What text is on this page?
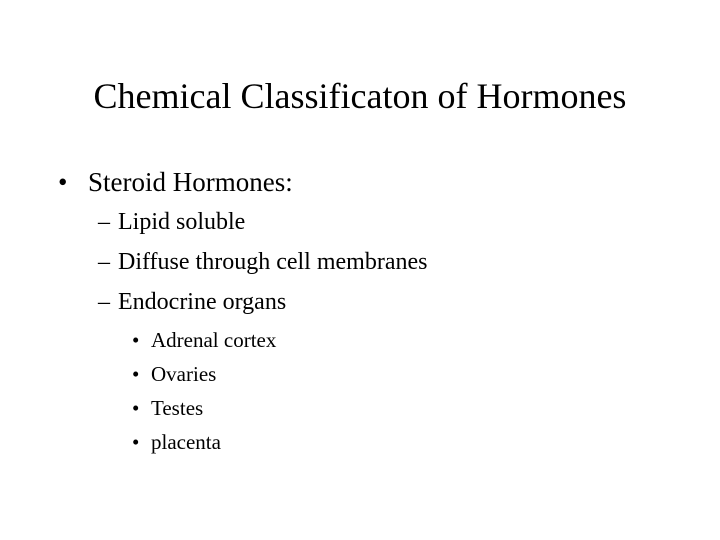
Chemical Classificaton of Hormones
• Steroid Hormones:
– Lipid soluble
– Diffuse through cell membranes
– Endocrine organs
• Adrenal cortex
• Ovaries
• Testes
• placenta
